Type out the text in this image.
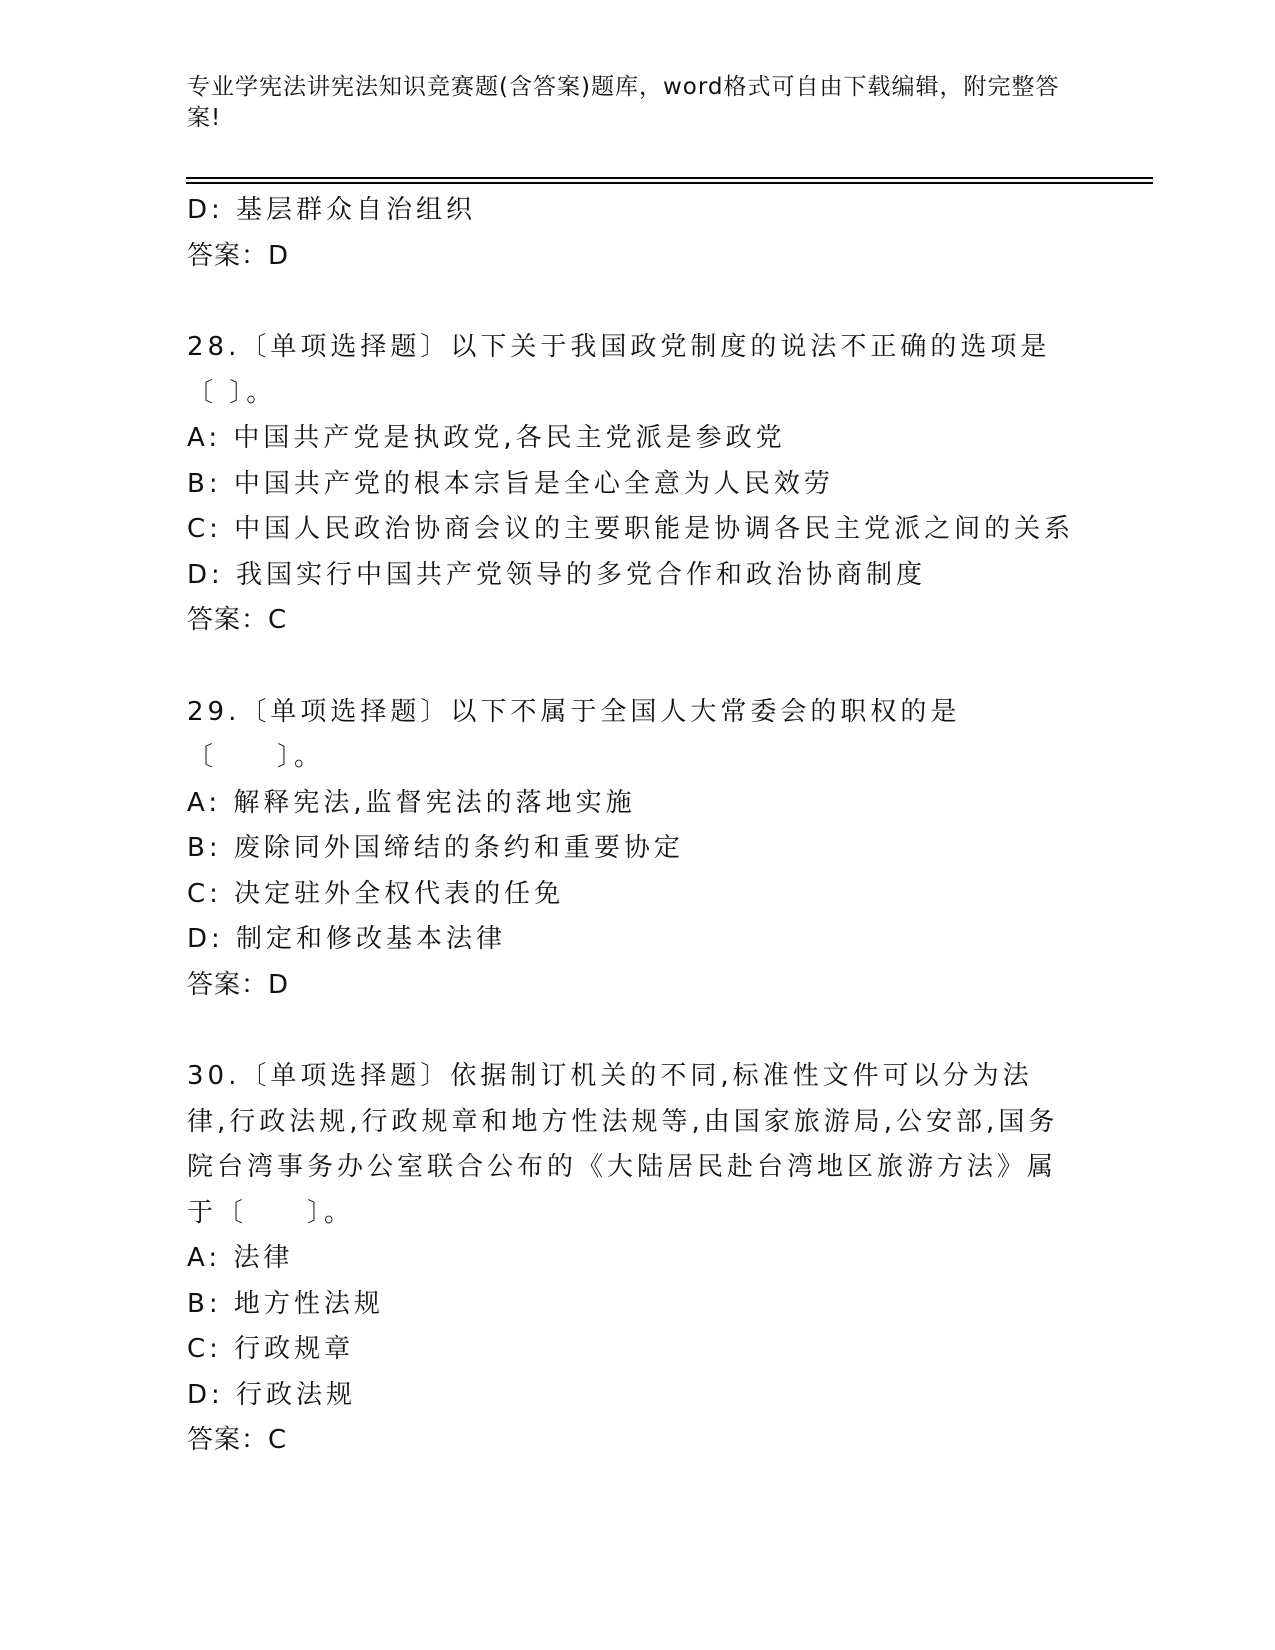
专业学宪法讲宪法知识竞赛题(含答案)题库，word格式可自由下载编辑，附完整答案!

D: 基层群众自治组织

答案：D

28.〔单项选择题〕以下关于我国政党制度的说法不正确的选项是〔 〕。

A: 中国共产党是执政党,各民主党派是参政党

B: 中国共产党的根本宗旨是全心全意为人民效劳

C: 中国人民政治协商会议的主要职能是协调各民主党派之间的关系

D: 我国实行中国共产党领导的多党合作和政治协商制度

答案：C

29.〔单项选择题〕以下不属于全国人大常委会的职权的是〔　　〕。

A: 解释宪法,监督宪法的落地实施

B: 废除同外国缔结的条约和重要协定

C: 决定驻外全权代表的任免

D: 制定和修改基本法律

答案：D

30.〔单项选择题〕依据制订机关的不同,标准性文件可以分为法律,行政法规,行政规章和地方性法规等,由国家旅游局,公安部,国务院台湾事务办公室联合公布的《大陆居民赴台湾地区旅游方法》属于〔　　〕。

A: 法律

B: 地方性法规

C: 行政规章

D: 行政法规

答案：C
